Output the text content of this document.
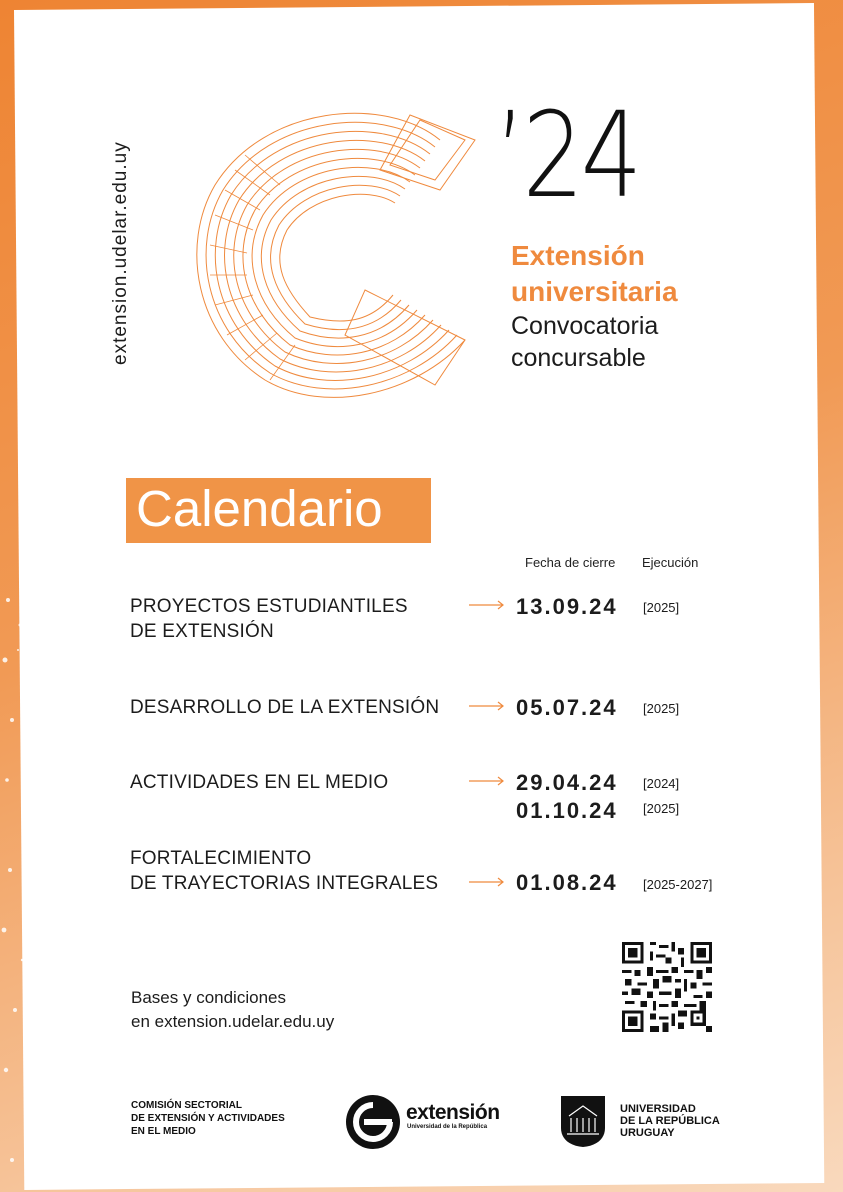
extension.udelar.edu.uy	’24
Extensión
universitaria
Convocatoria
concursable
Calendario
Fecha de cierre Ejecución
PROYECTOS ESTUDIANTILES
DE EXTENSIÓN
13.09.24 [2025]
DESARROLLO DE LA EXTENSIÓN	05.07.24 [2025]
ACTIVIDADES EN EL MEDIO	29.04.24 [2024]
01.10.24 [2025]
FORTALECIMIENTO
DE TRAYECTORIAS INTEGRALES	01.08.24 [2025-2027]
Bases y condiciones
en extension.udelar.edu.uy
COMISIÓN SECTORIAL
DE EXTENSIÓN Y ACTIVIDADES
EN EL MEDIO
extensión
Universidad de la República
UNIVERSIDAD
DE LA REPÚBLICA
URUGUAY
